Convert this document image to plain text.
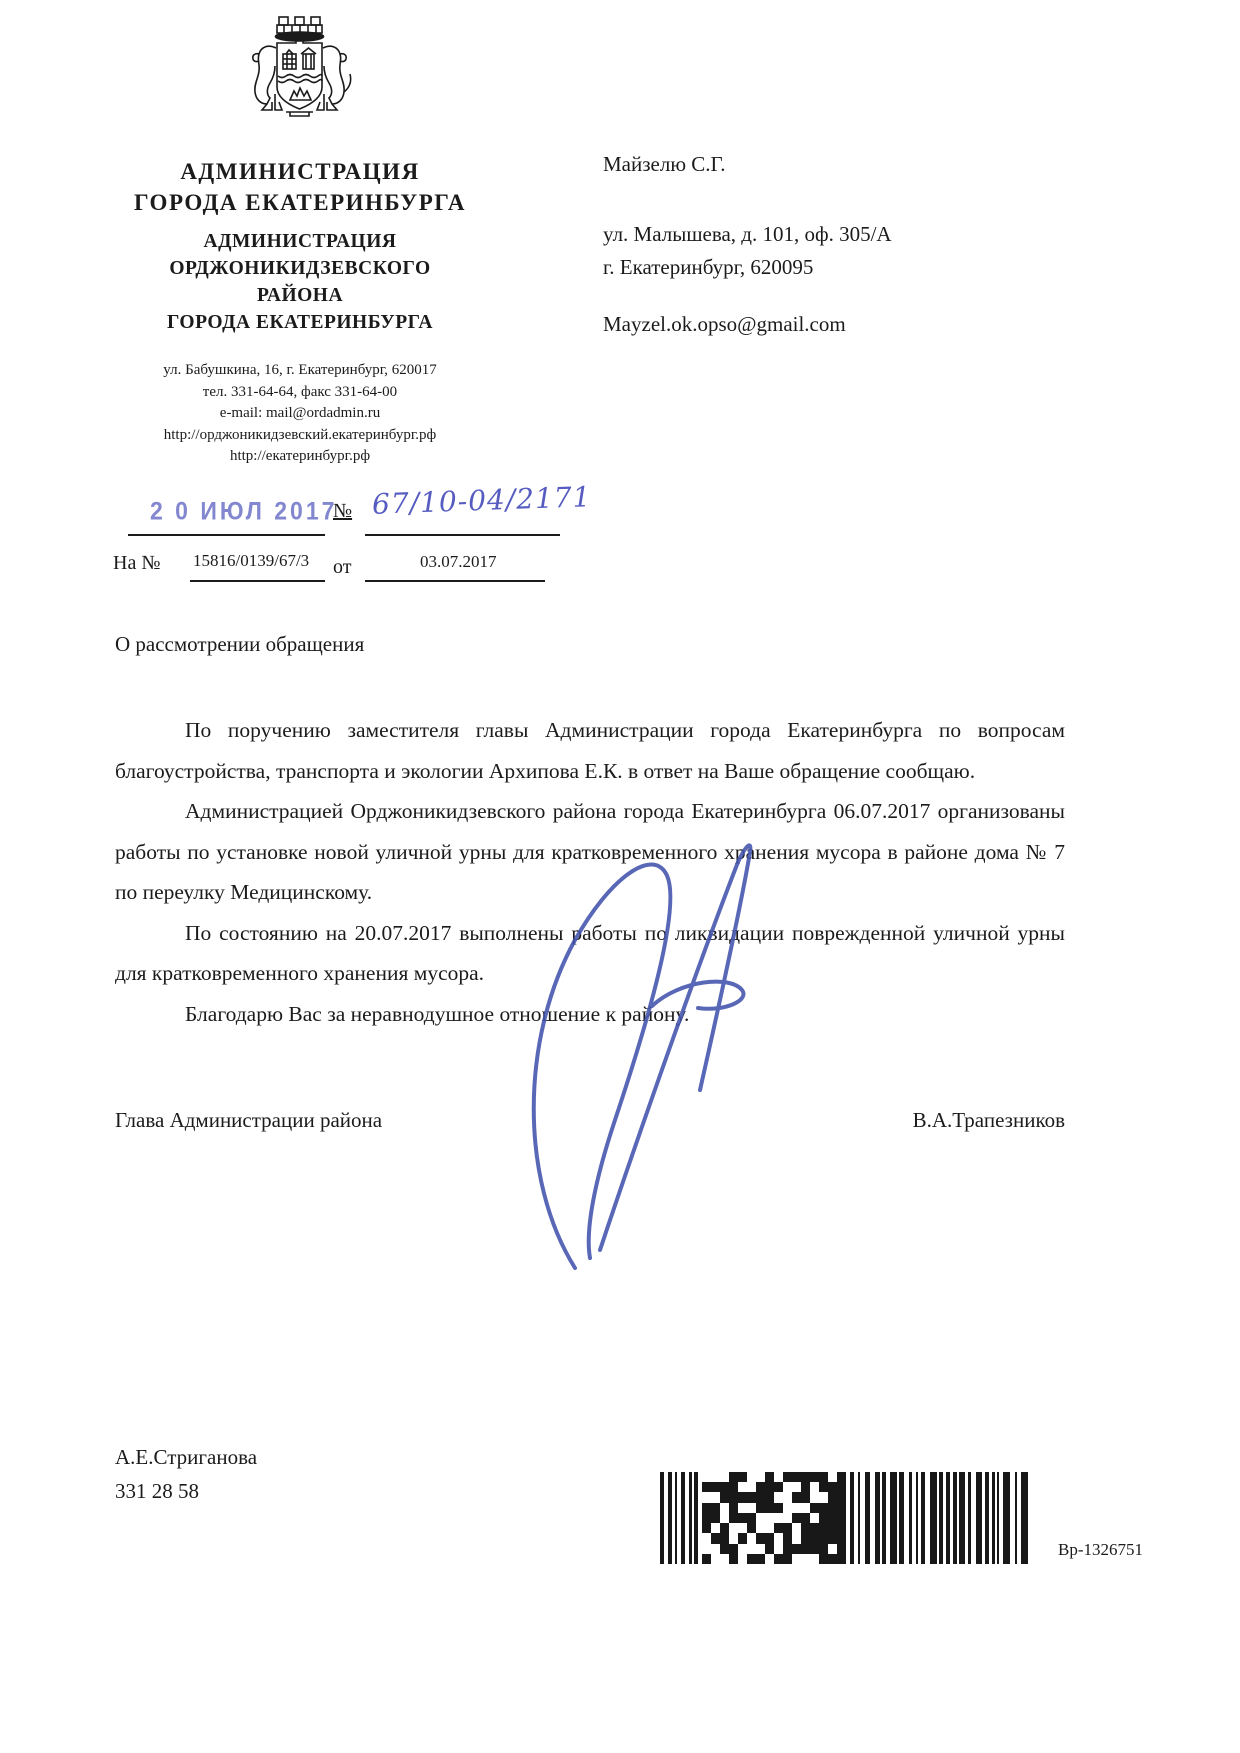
АДМИНИСТРАЦИЯ
ГОРОДА ЕКАТЕРИНБУРГА
АДМИНИСТРАЦИЯ
ОРДЖОНИКИДЗЕВСКОГО
РАЙОНА
ГОРОДА ЕКАТЕРИНБУРГА
ул. Бабушкина, 16, г. Екатеринбург, 620017
тел. 331-64-64, факс 331-64-00
e-mail: mail@ordadmin.ru
http://орджоникидзевский.екатеринбург.рф
http://екатеринбург.рф
Майзелю С.Г.
ул. Малышева, д. 101, оф. 305/А
г. Екатеринбург, 620095
Mayzel.ok.opso@gmail.com
2 0 ИЮЛ 2017
№ 67/10-04/2171
На № 15816/0139/67/3 от	03.07.2017
О рассмотрении обращения

По поручению заместителя главы Администрации города Екатеринбурга по вопросам благоустройства, транспорта и экологии Архипова Е.К. в ответ на Ваше обращение сообщаю.

Администрацией Орджоникидзевского района города Екатеринбурга 06.07.2017 организованы работы по установке новой уличной урны для кратковременного хранения мусора в районе дома № 7 по переулку Медицинскому.

По состоянию на 20.07.2017 выполнены работы по ликвидации поврежденной уличной урны для кратковременного хранения мусора.

Благодарю Вас за неравнодушное отношение к району.

Глава Администрации района	В.А.Трапезников
А.Е.Стриганова
331 28 58
Вр-1326751
